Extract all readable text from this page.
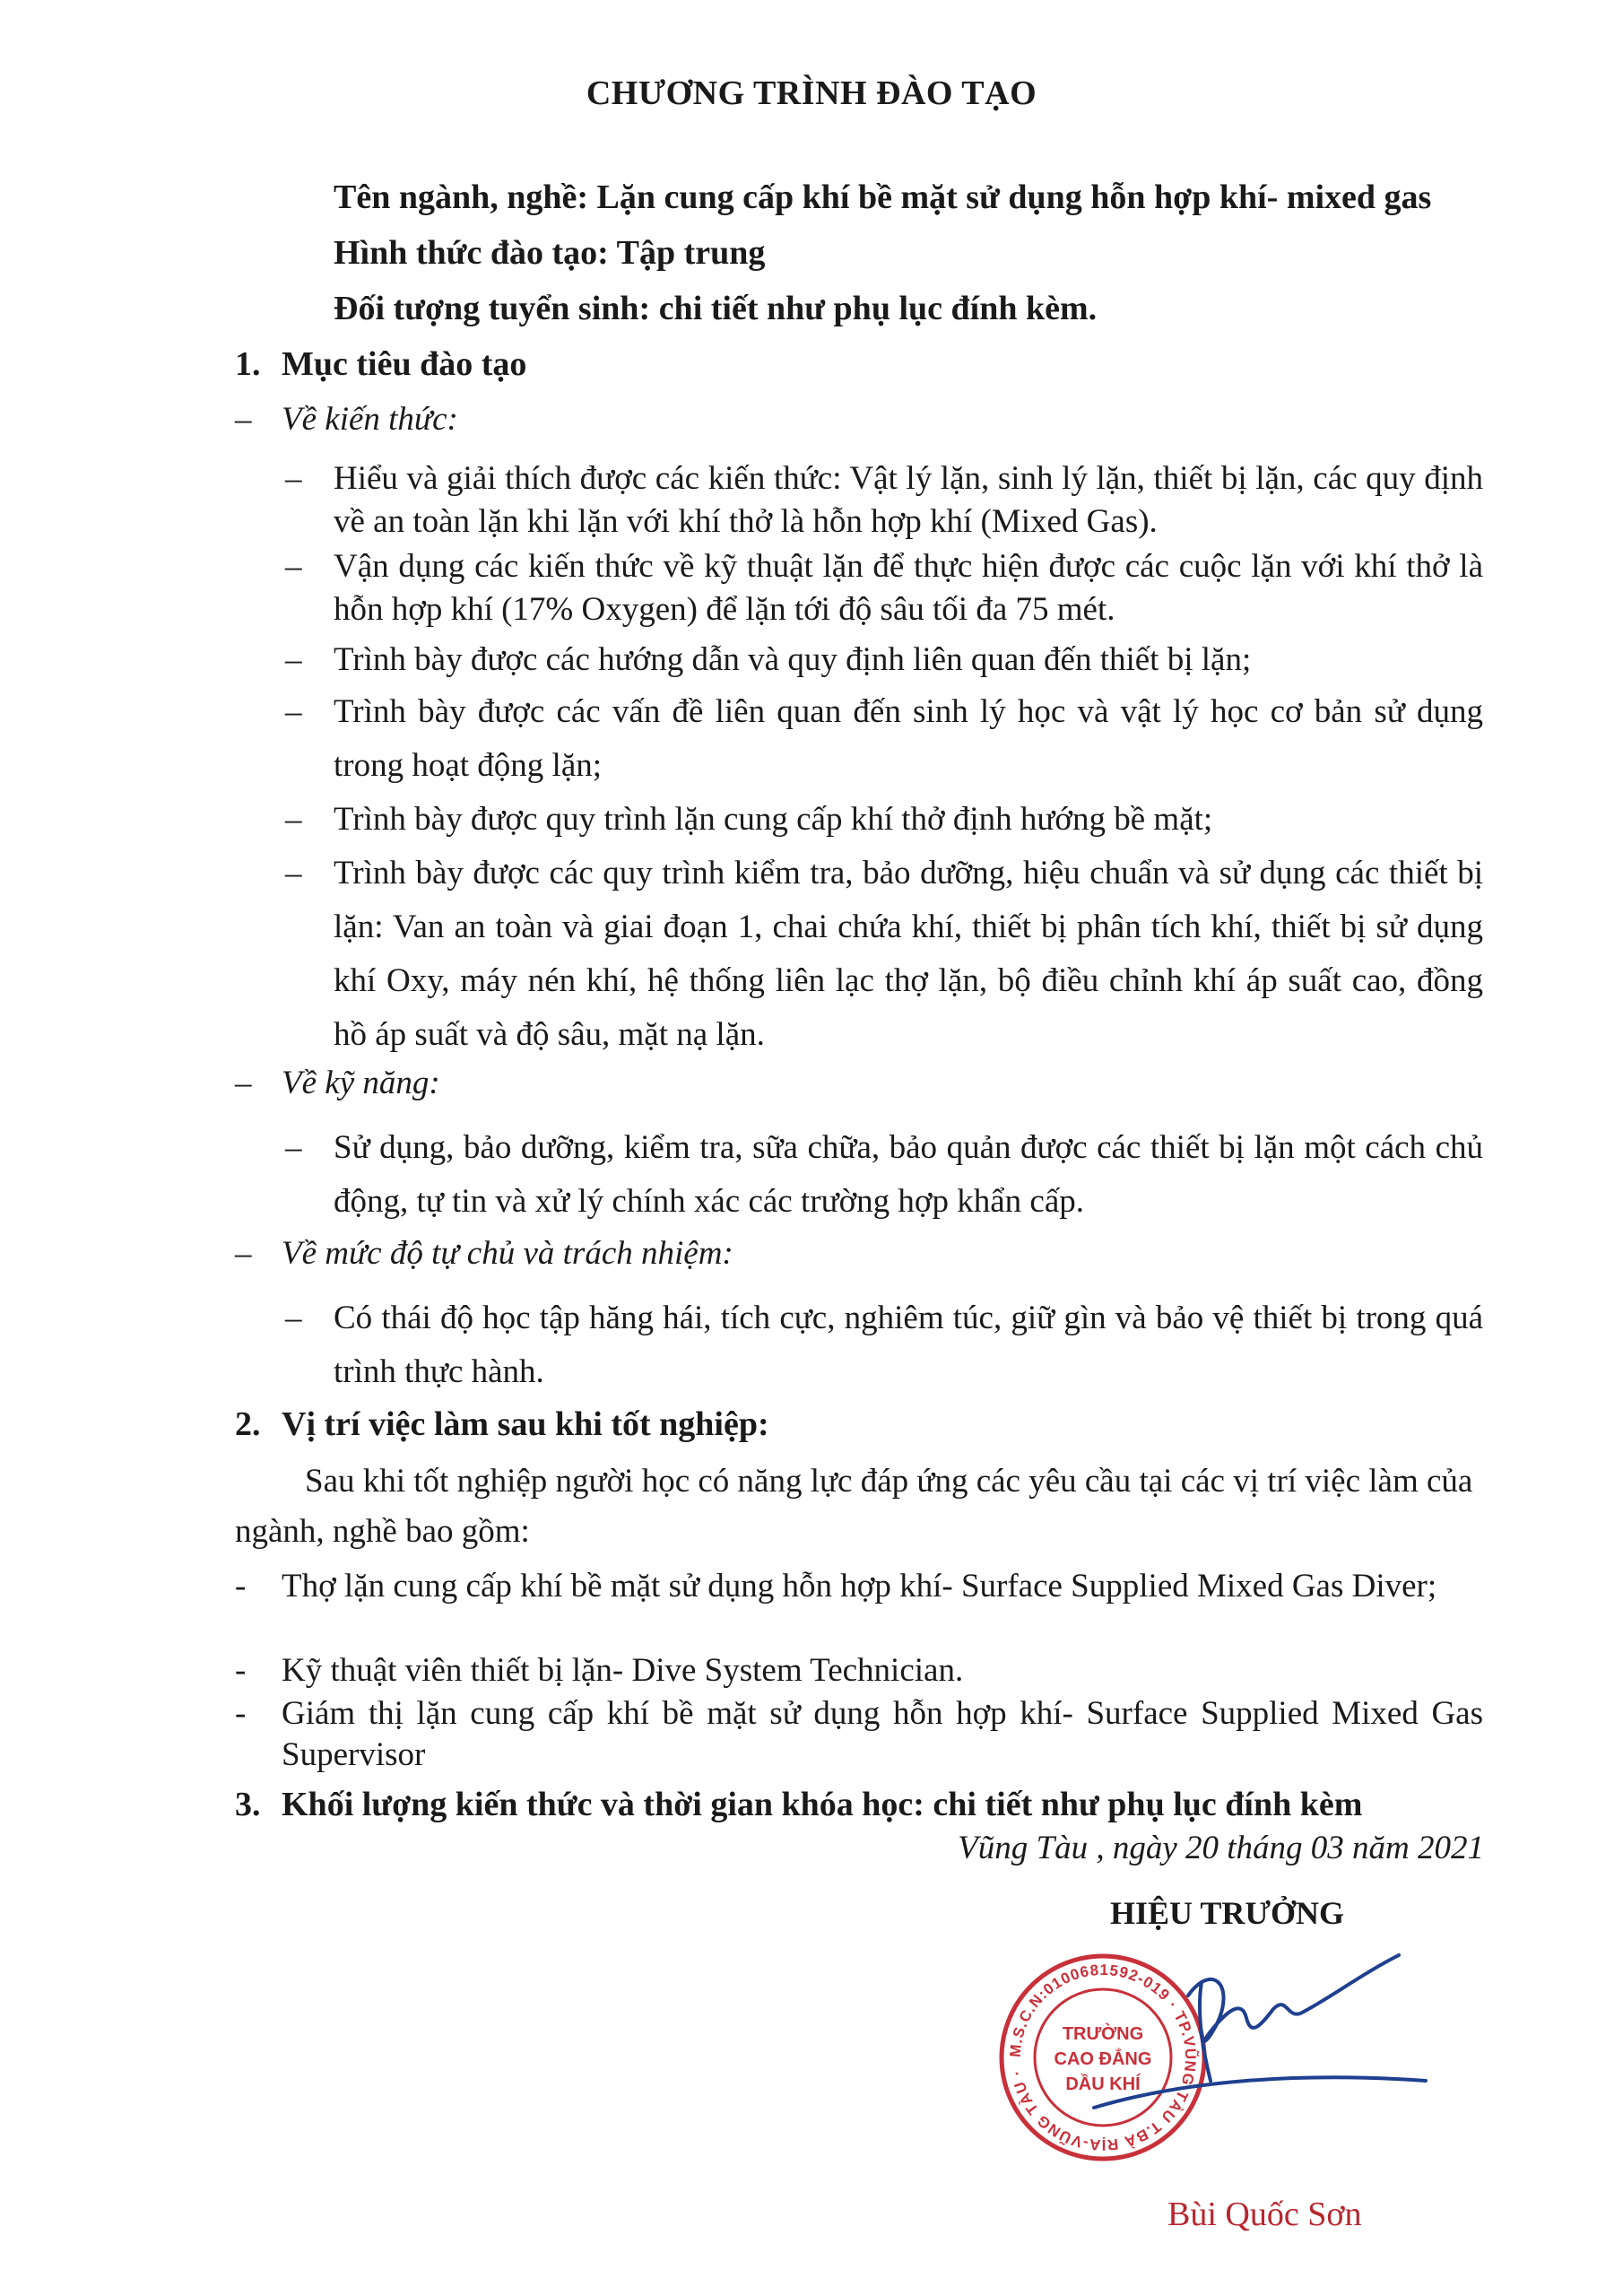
CHƯƠNG TRÌNH ĐÀO TẠO
Tên ngành, nghề: Lặn cung cấp khí bề mặt sử dụng hỗn hợp khí- mixed gas
Hình thức đào tạo: Tập trung
Đối tượng tuyển sinh: chi tiết như phụ lục đính kèm.
1. Mục tiêu đào tạo
– Về kiến thức:
– Hiểu và giải thích được các kiến thức: Vật lý lặn, sinh lý lặn, thiết bị lặn, các quy định về an toàn lặn khi lặn với khí thở là hỗn hợp khí (Mixed Gas).
– Vận dụng các kiến thức về kỹ thuật lặn để thực hiện được các cuộc lặn với khí thở là hỗn hợp khí (17% Oxygen) để lặn tới độ sâu tối đa 75 mét.
– Trình bày được các hướng dẫn và quy định liên quan đến thiết bị lặn;
– Trình bày được các vấn đề liên quan đến sinh lý học và vật lý học cơ bản sử dụng trong hoạt động lặn;
– Trình bày được quy trình lặn cung cấp khí thở định hướng bề mặt;
– Trình bày được các quy trình kiểm tra, bảo dưỡng, hiệu chuẩn và sử dụng các thiết bị lặn: Van an toàn và giai đoạn 1, chai chứa khí, thiết bị phân tích khí, thiết bị sử dụng khí Oxy, máy nén khí, hệ thống liên lạc thợ lặn, bộ điều chỉnh khí áp suất cao, đồng hồ áp suất và độ sâu, mặt nạ lặn.
– Về kỹ năng:
– Sử dụng, bảo dưỡng, kiểm tra, sữa chữa, bảo quản được các thiết bị lặn một cách chủ động, tự tin và xử lý chính xác các trường hợp khẩn cấp.
– Về mức độ tự chủ và trách nhiệm:
– Có thái độ học tập hăng hái, tích cực, nghiêm túc, giữ gìn và bảo vệ thiết bị trong quá trình thực hành.
2. Vị trí việc làm sau khi tốt nghiệp:
Sau khi tốt nghiệp người học có năng lực đáp ứng các yêu cầu tại các vị trí việc làm của ngành, nghề bao gồm:
- Thợ lặn cung cấp khí bề mặt sử dụng hỗn hợp khí- Surface Supplied Mixed Gas Diver;
- Kỹ thuật viên thiết bị lặn- Dive System Technician.
- Giám thị lặn cung cấp khí bề mặt sử dụng hỗn hợp khí- Surface Supplied Mixed Gas Supervisor
3. Khối lượng kiến thức và thời gian khóa học: chi tiết như phụ lục đính kèm
Vũng Tàu , ngày 20 tháng 03 năm 2021
HIỆU TRƯỞNG
M.S.C.N:0100681592-019 · TP.VŨNG TÀU T.BÀ RỊA-VŨNG TÀU ·
TRƯỜNG
CAO ĐẲNG
DẦU KHÍ
Bùi Quốc Sơn
